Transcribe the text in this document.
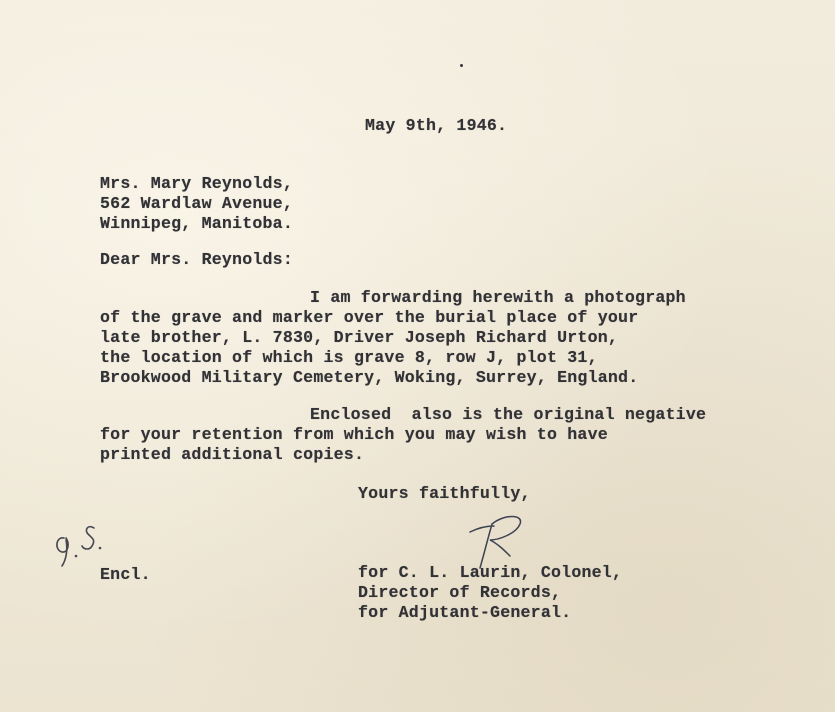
May 9th, 1946.
Mrs. Mary Reynolds,
562 Wardlaw Avenue,
Winnipeg, Manitoba.
Dear Mrs. Reynolds:
I am forwarding herewith a photograph
of the grave and marker over the burial place of your
late brother, L. 7830, Driver Joseph Richard Urton,
the location of which is grave 8, row J, plot 31,
Brookwood Military Cemetery, Woking, Surrey, England.
Enclosed  also is the original negative
for your retention from which you may wish to have
printed additional copies.
Yours faithfully,
Encl.	for C. L. Laurin, Colonel,
Director of Records,
for Adjutant-General.
